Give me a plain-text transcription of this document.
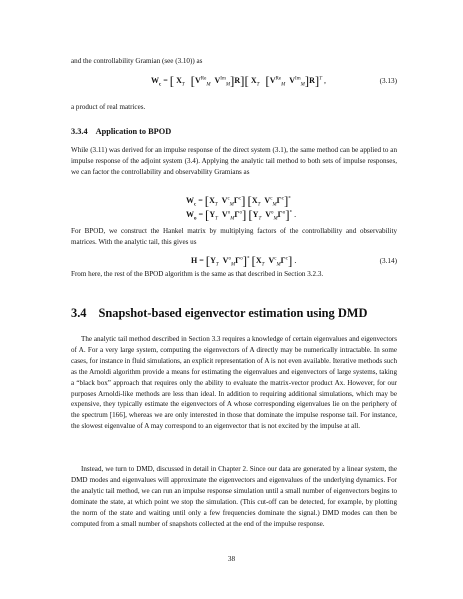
and the controllability Gramian (see (3.10)) as
$W_c$ = [ $X_T$ [$VRe_M$  $V^{Im}_M]R$][ $X_T$ [$VRe_M$  $V^{Im}_M]R]^T$ ,	(3.13)
a product of real matrices.
3.3.4 Application to BPOD
While (3.11) was derived for an impulse response of the direct system (3.1), the same method can be applied to an impulse response of the adjoint system (3.4). Applying the analytic tail method to both sets of impulse responses, we can factor the controllability and observability Gramians as
$W_c = [X_T$  $V^c_M\Gamma^c$] [$X_T$  $V^c_M\Gamma^c]^*$
$W_o = [Y_T$  $V^o_M\Gamma^o$] [$Y_T$  $V^o_M\Gamma^o]^*$ .
For BPOD, we construct the Hankel matrix by multiplying factors of the controllability and observability matrices. With the analytic tail, this gives us
$H = [Y_T$  $V^o_M\Gamma^o]^*$ [$X_T$  $V^c_M\Gamma^c$] .	(3.14)
From here, the rest of the BPOD algorithm is the same as that described in Section 3.2.3.
3.4 Snapshot-based eigenvector estimation using DMD
The analytic tail method described in Section 3.3 requires a knowledge of certain eigenvalues and eigenvectors of A. For a very large system, computing the eigenvectors of A directly may be numerically intractable. In some cases, for instance in fluid simulations, an explicit representation of A is not even available. Iterative methods such as the Arnoldi algorithm provide a means for estimating the eigenvalues and eigenvectors of large systems, taking a “black box” approach that requires only the ability to evaluate the matrix-vector product Ax. However, for our purposes Arnoldi-like methods are less than ideal. In addition to requiring additional simulations, which may be expensive, they typically estimate the eigenvectors of A whose corresponding eigenvalues lie on the periphery of the spectrum [166], whereas we are only interested in those that dominate the impulse response tail. For instance, the slowest eigenvalue of A may correspond to an eigenvector that is not excited by the impulse at all.
Instead, we turn to DMD, discussed in detail in Chapter 2. Since our data are generated by a linear system, the DMD modes and eigenvalues will approximate the eigenvectors and eigenvalues of the underlying dynamics. For the analytic tail method, we can run an impulse response simulation until a small number of eigenvectors begins to dominate the state, at which point we stop the simulation. (This cut-off can be detected, for example, by plotting the norm of the state and waiting until only a few frequencies dominate the signal.) DMD modes can then be computed from a small number of snapshots collected at the end of the impulse response.
38
